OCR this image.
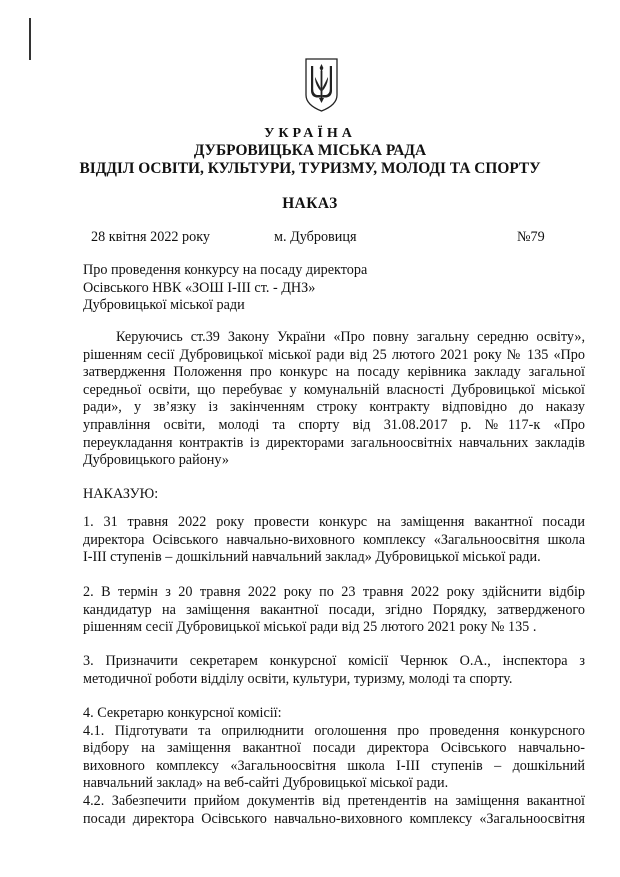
УКРАЇНА
ДУБРОВИЦЬКА МІСЬКА РАДА
ВІДДІЛ ОСВІТИ, КУЛЬТУРИ, ТУРИЗМУ, МОЛОДІ ТА СПОРТУ
НАКАЗ
28 квітня 2022 року	м. Дубровиця	№79
Про проведення конкурсу на посаду директора
Осівського НВК «ЗОШ І-ІІІ ст. - ДНЗ»
Дубровицької міської ради
Керуючись ст.39 Закону України «Про повну загальну середню освіту»,
рішенням сесії Дубровицької міської ради від 25 лютого 2021 року № 135 «Про
затвердження Положення про конкурс на посаду керівника закладу загальної
середньої освіти, що перебуває у комунальній власності Дубровицької міської
ради», у зв’язку із закінченням строку контракту відповідно до наказу
управління освіти, молоді та спорту від 31.08.2017 р. №117-к «Про
переукладання контрактів із директорами загальноосвітніх навчальних закладів
Дубровицького району»
НАКАЗУЮ:
1. 31 травня 2022 року провести конкурс на заміщення вакантної посади
директора Осівського навчально-виховного комплексу «Загальноосвітня школа
І-ІІІ ступенів – дошкільний навчальний заклад» Дубровицької міської ради.
2. В термін з 20 травня 2022 року по 23 травня 2022 року здійснити відбір
кандидатур на заміщення вакантної посади, згідно Порядку, затвердженого
рішенням сесії Дубровицької міської ради від 25 лютого 2021 року № 135 .
3. Призначити секретарем конкурсної комісії Чернюк О.А., інспектора з
методичної роботи відділу освіти, культури, туризму, молоді та спорту.
4. Секретарю конкурсної комісії:
4.1. Підготувати та оприлюднити оголошення про проведення конкурсного
відбору на заміщення вакантної посади директора Осівського навчально-
виховного комплексу «Загальноосвітня школа І-ІІІ ступенів – дошкільний
навчальний заклад» на веб-сайті Дубровицької міської ради.
4.2. Забезпечити прийом документів від претендентів на заміщення вакантної
посади директора Осівського навчально-виховного комплексу «Загальноосвітня
